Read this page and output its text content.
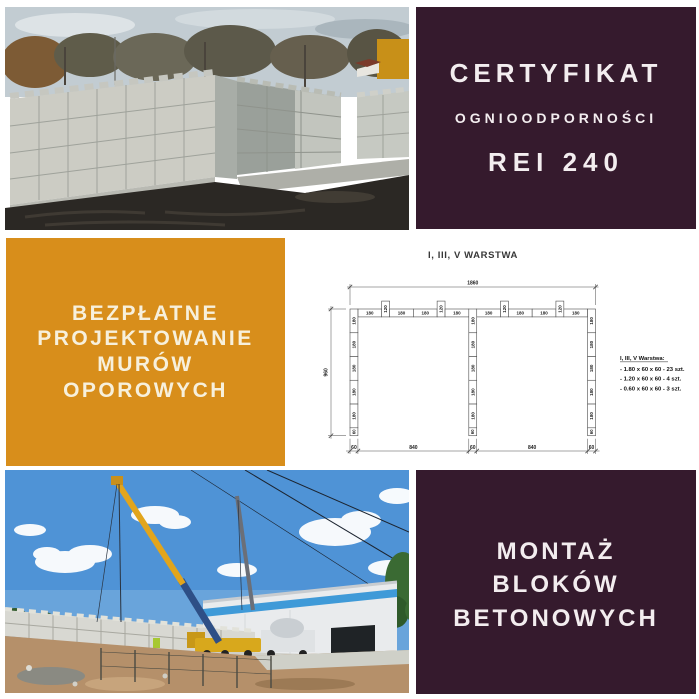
CERTYFIKAT
OGNIOODPORNOŚCI
REI 240
BEZPŁATNE
PROJEKTOWANIE
MURÓW
OPOROWYCH
I, III, V WARSTWA
180
120
180	180
120
180	180
120
180	180
120
180
180
180
180
180
180
60
180
180
180
180
180
60
180
180
180
180
180
60
1860
960
60	840	60	840	60
I, III, V Warstwa:
- 1.80 x 60 x 60 - 23 szt.
- 1.20 x 60 x 60 - 4 szt.
- 0.60 x 60 x 60 - 3 szt.
MONTAŻ
BLOKÓW
BETONOWYCH
